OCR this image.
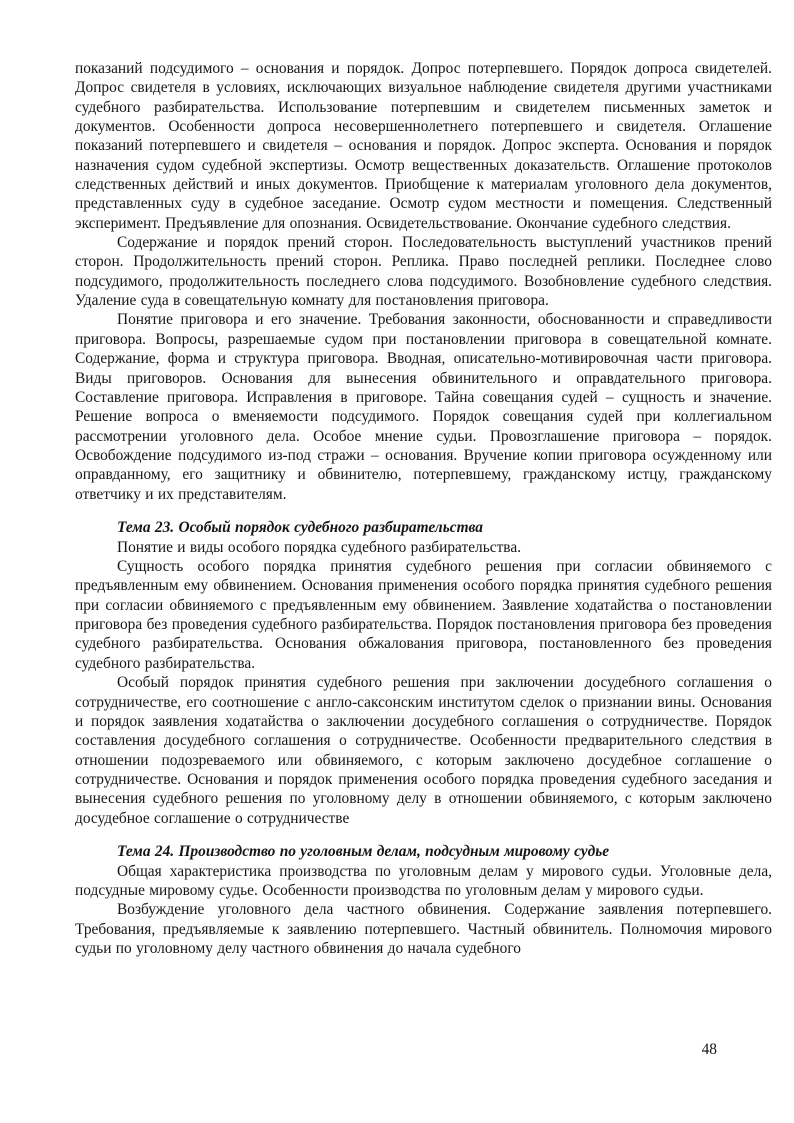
показаний подсудимого – основания и порядок. Допрос потерпевшего. Порядок допроса свидетелей. Допрос свидетеля в условиях, исключающих визуальное наблюдение свидетеля другими участниками судебного разбирательства. Использование потерпевшим и свидетелем письменных заметок и документов. Особенности допроса несовершеннолетнего потерпевшего и свидетеля. Оглашение показаний потерпевшего и свидетеля – основания и порядок. Допрос эксперта. Основания и порядок назначения судом судебной экспертизы. Осмотр вещественных доказательств. Оглашение протоколов следственных действий и иных документов. Приобщение к материалам уголовного дела документов, представленных суду в судебное заседание. Осмотр судом местности и помещения. Следственный эксперимент. Предъявление для опознания. Освидетельствование. Окончание судебного следствия.

Содержание и порядок прений сторон. Последовательность выступлений участников прений сторон. Продолжительность прений сторон. Реплика. Право последней реплики. Последнее слово подсудимого, продолжительность последнего слова подсудимого. Возобновление судебного следствия. Удаление суда в совещательную комнату для постановления приговора.

Понятие приговора и его значение. Требования законности, обоснованности и справедливости приговора. Вопросы, разрешаемые судом при постановлении приговора в совещательной комнате. Содержание, форма и структура приговора. Вводная, описательно-мотивировочная части приговора. Виды приговоров. Основания для вынесения обвинительного и оправдательного приговора. Составление приговора. Исправления в приговоре. Тайна совещания судей – сущность и значение. Решение вопроса о вменяемости подсудимого. Порядок совещания судей при коллегиальном рассмотрении уголовного дела. Особое мнение судьи. Провозглашение приговора – порядок. Освобождение подсудимого из-под стражи – основания. Вручение копии приговора осужденному или оправданному, его защитнику и обвинителю, потерпевшему, гражданскому истцу, гражданскому ответчику и их представителям.

Тема 23. Особый порядок судебного разбирательства

Понятие и виды особого порядка судебного разбирательства.

Сущность особого порядка принятия судебного решения при согласии обвиняемого с предъявленным ему обвинением. Основания применения особого порядка принятия судебного решения при согласии обвиняемого с предъявленным ему обвинением. Заявление ходатайства о постановлении приговора без проведения судебного разбирательства. Порядок постановления приговора без проведения судебного разбирательства. Основания обжалования приговора, постановленного без проведения судебного разбирательства.

Особый порядок принятия судебного решения при заключении досудебного соглашения о сотрудничестве, его соотношение с англо-саксонским институтом сделок о признании вины. Основания и порядок заявления ходатайства о заключении досудебного соглашения о сотрудничестве. Порядок составления досудебного соглашения о сотрудничестве. Особенности предварительного следствия в отношении подозреваемого или обвиняемого, с которым заключено досудебное соглашение о сотрудничестве. Основания и порядок применения особого порядка проведения судебного заседания и вынесения судебного решения по уголовному делу в отношении обвиняемого, с которым заключено досудебное соглашение о сотрудничестве

Тема 24. Производство по уголовным делам, подсудным мировому судье

Общая характеристика производства по уголовным делам у мирового судьи. Уголовные дела, подсудные мировому судье. Особенности производства по уголовным делам у мирового судьи.

Возбуждение уголовного дела частного обвинения. Содержание заявления потерпевшего. Требования, предъявляемые к заявлению потерпевшего. Частный обвинитель. Полномочия мирового судьи по уголовному делу частного обвинения до начала судебного

48
